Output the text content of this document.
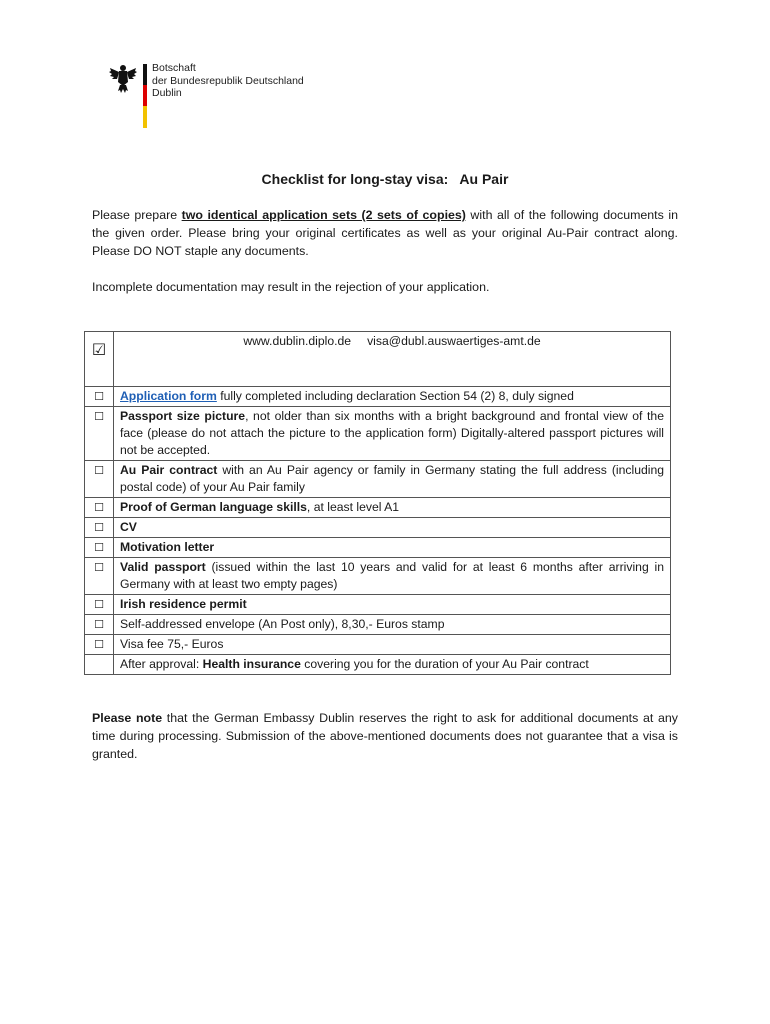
Botschaft
der Bundesrepublik Deutschland
Dublin
Checklist for long-stay visa:   Au Pair

Please prepare two identical application sets (2 sets of copies) with all of the following documents in the given order. Please bring your original certificates as well as your original Au-Pair contract along. Please DO NOT staple any documents.

Incomplete documentation may result in the rejection of your application.

☑	www.dublin.diplo.de visa@dubl.auswaertiges-amt.de
☐	Application form fully completed including declaration Section 54 (2) 8, duly signed
☐	Passport size picture, not older than six months with a bright background and frontal view of the face (please do not attach the picture to the application form) Digitally-altered passport pictures will not be accepted.
☐	Au Pair contract with an Au Pair agency or family in Germany stating the full address (including postal code) of your Au Pair family
☐	Proof of German language skills, at least level A1
☐	CV
☐	Motivation letter
☐	Valid passport (issued within the last 10 years and valid for at least 6 months after arriving in Germany with at least two empty pages)
☐	Irish residence permit
☐	Self-addressed envelope (An Post only), 8,30,- Euros stamp
☐	Visa fee 75,- Euros
	After approval: Health insurance covering you for the duration of your Au Pair contract
Please note that the German Embassy Dublin reserves the right to ask for additional documents at any time during processing. Submission of the above-mentioned documents does not guarantee that a visa is granted.
